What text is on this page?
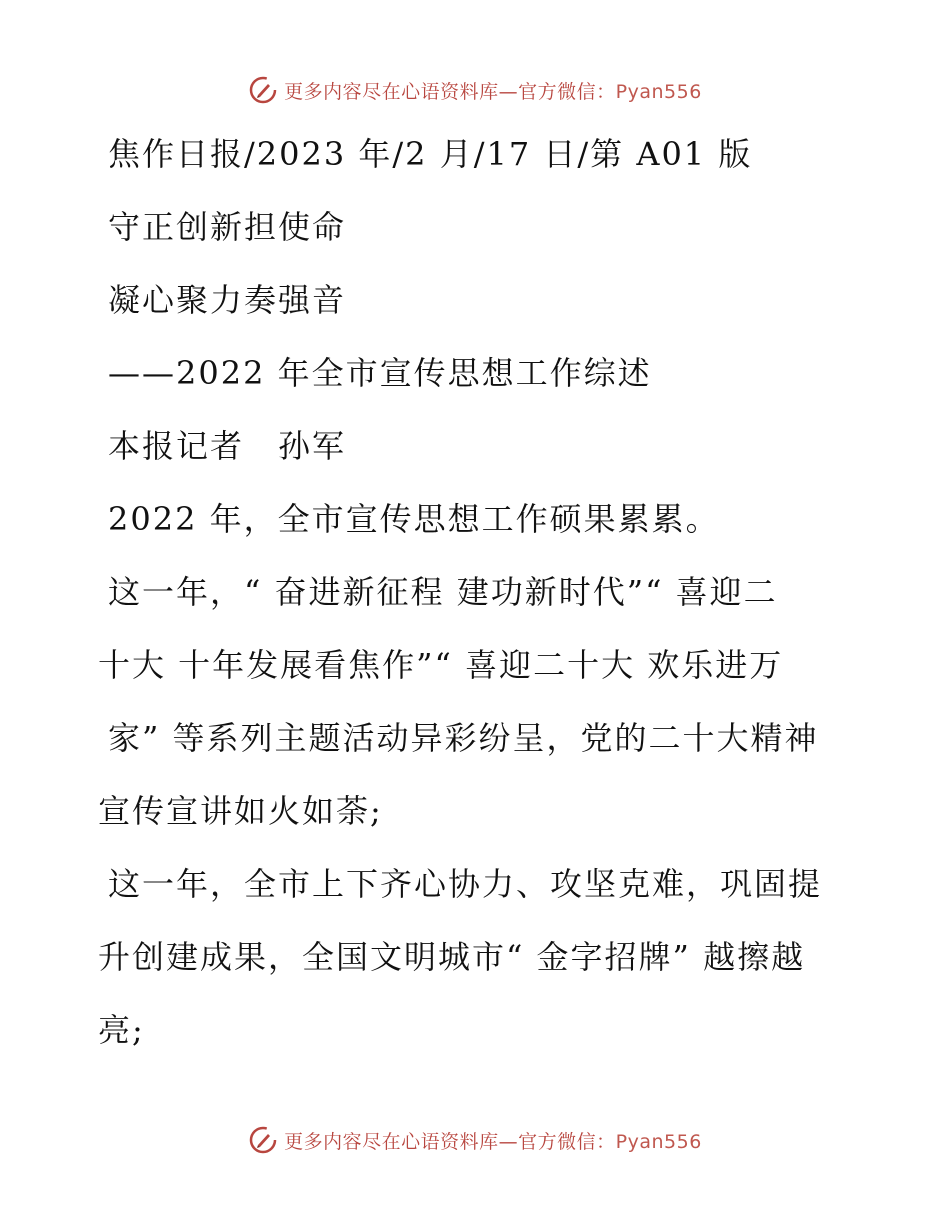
更多内容尽在心语资料库—官方微信：Pyan556
焦作日报/2023 年/2 月/17 日/第 A01 版
守正创新担使命
凝心聚力奏强音
——2022 年全市宣传思想工作综述
本报记者　孙军
2022 年，全市宣传思想工作硕果累累。
这一年，“ 奋进新征程 建功新时代”“ 喜迎二
十大 十年发展看焦作”“ 喜迎二十大 欢乐进万
家” 等系列主题活动异彩纷呈，党的二十大精神
宣传宣讲如火如荼;
这一年，全市上下齐心协力、攻坚克难，巩固提
升创建成果，全国文明城市“ 金字招牌” 越擦越
亮;
更多内容尽在心语资料库—官方微信：Pyan556
